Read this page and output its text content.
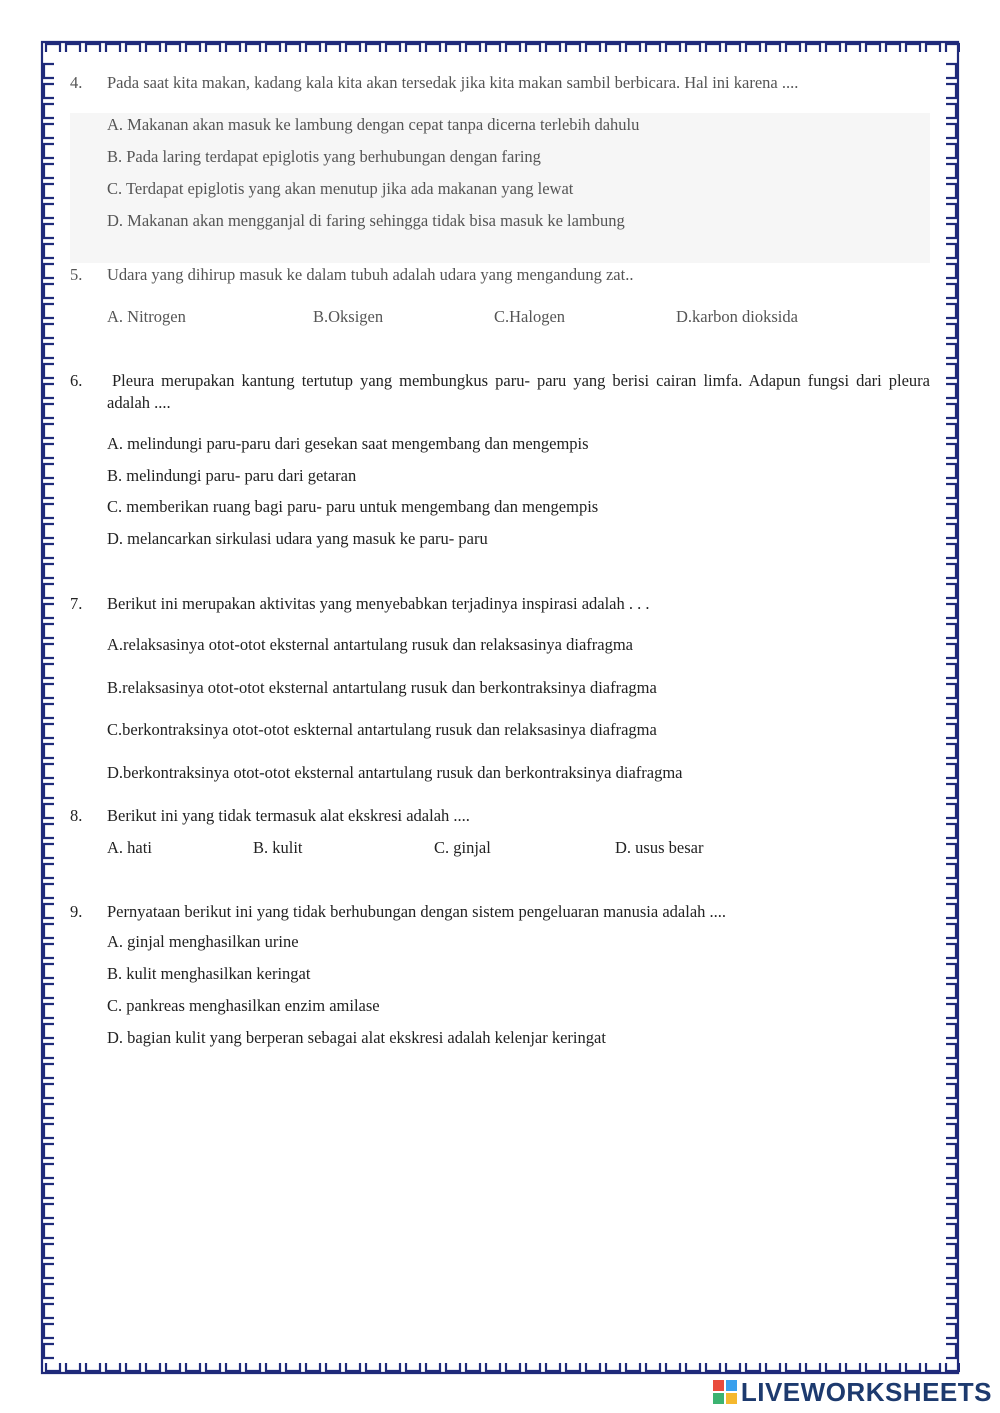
4.	Pada saat kita makan, kadang kala kita akan tersedak jika kita makan sambil berbicara. Hal ini karena ....
A. Makanan akan masuk ke lambung dengan cepat tanpa dicerna terlebih dahulu
B. Pada laring terdapat epiglotis yang berhubungan dengan faring
C. Terdapat epiglotis yang akan menutup jika ada makanan yang lewat
D. Makanan akan mengganjal di faring sehingga tidak bisa masuk ke lambung
5.	Udara yang dihirup masuk ke dalam tubuh adalah udara yang mengandung zat..
A. Nitrogen	B.Oksigen	C.Halogen	D.karbon dioksida
6.	Pleura merupakan kantung tertutup yang membungkus paru- paru yang berisi cairan limfa. Adapun fungsi dari pleura adalah ....
A. melindungi paru-paru dari gesekan saat mengembang dan mengempis
B. melindungi paru- paru dari getaran
C. memberikan ruang bagi paru- paru untuk mengembang dan mengempis
D. melancarkan sirkulasi udara yang masuk ke paru- paru
7.	Berikut ini merupakan aktivitas yang menyebabkan terjadinya inspirasi adalah . . .
A.relaksasinya otot-otot eksternal antartulang rusuk dan relaksasinya diafragma
B.relaksasinya otot-otot eksternal antartulang rusuk dan berkontraksinya diafragma
C.berkontraksinya otot-otot eskternal antartulang rusuk dan relaksasinya diafragma
D.berkontraksinya otot-otot eksternal antartulang rusuk dan berkontraksinya diafragma
8.	Berikut ini yang tidak termasuk alat ekskresi adalah ....
A. hati	B. kulit	C. ginjal	D. usus besar
9.	Pernyataan berikut ini yang tidak berhubungan dengan sistem pengeluaran manusia adalah ....
A. ginjal menghasilkan urine
B. kulit menghasilkan keringat
C. pankreas menghasilkan enzim amilase
D. bagian kulit yang berperan sebagai alat ekskresi adalah kelenjar keringat
LIVEWORKSHEETS
